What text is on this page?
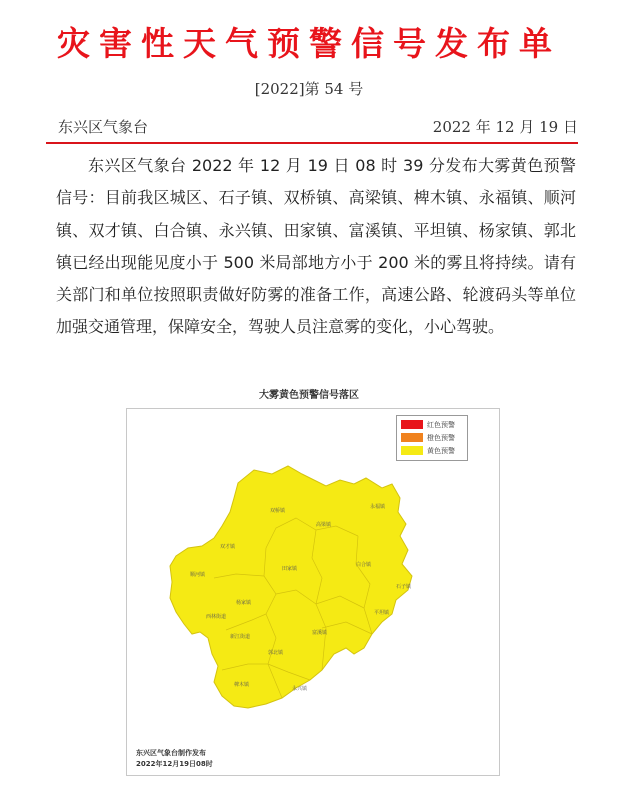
灾害性天气预警信号发布单
[2022]第 54 号
东兴区气象台	2022 年 12 月 19 日
东兴区气象台 2022 年 12 月 19 日 08 时 39 分发布大雾黄色预警信号：目前我区城区、石子镇、双桥镇、高梁镇、椑木镇、永福镇、顺河镇、双才镇、白合镇、永兴镇、田家镇、富溪镇、平坦镇、杨家镇、郭北镇已经出现能见度小于 500 米局部地方小于 200 米的雾且将持续。请有关部门和单位按照职责做好防雾的准备工作，高速公路、轮渡码头等单位加强交通管理，保障安全，驾驶人员注意雾的变化，小心驾驶。
大雾黄色预警信号落区
双桥镇
高梁镇
永福镇
双才镇
田家镇
顺河镇
白合镇
石子镇
西林街道
杨家镇
平坦镇
富溪镇
新江街道
郭北镇
椑木镇
永兴镇
红色预警
橙色预警
黄色预警
东兴区气象台制作发布
2022年12月19日08时
